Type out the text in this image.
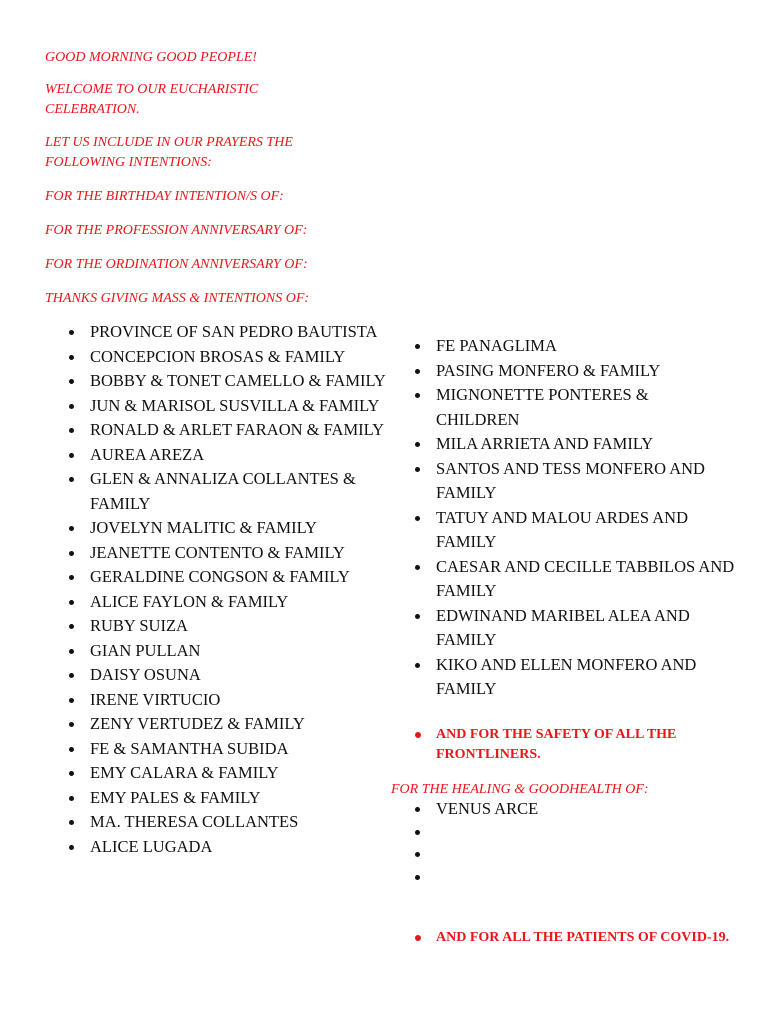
GOOD MORNING GOOD PEOPLE!

WELCOME TO OUR EUCHARISTIC CELEBRATION.

LET US INCLUDE IN OUR PRAYERS THE FOLLOWING INTENTIONS:

FOR THE BIRTHDAY INTENTION/S OF:

FOR THE PROFESSION ANNIVERSARY OF:

FOR THE ORDINATION ANNIVERSARY OF:

THANKS GIVING MASS & INTENTIONS OF:

PROVINCE OF SAN PEDRO BAUTISTA
CONCEPCION BROSAS & FAMILY
BOBBY & TONET CAMELLO & FAMILY
JUN & MARISOL SUSVILLA & FAMILY
RONALD & ARLET FARAON & FAMILY
AUREA AREZA
GLEN & ANNALIZA COLLANTES & FAMILY
JOVELYN MALITIC & FAMILY
JEANETTE CONTENTO & FAMILY
GERALDINE CONGSON & FAMILY
ALICE FAYLON & FAMILY
RUBY SUIZA
GIAN PULLAN
DAISY OSUNA
IRENE VIRTUCIO
ZENY VERTUDEZ & FAMILY
FE & SAMANTHA SUBIDA
EMY CALARA & FAMILY
EMY PALES & FAMILY
MA. THERESA COLLANTES
ALICE LUGADA
FE PANAGLIMA
PASING MONFERO & FAMILY
MIGNONETTE PONTERES & CHILDREN
MILA ARRIETA AND FAMILY
SANTOS AND TESS MONFERO AND FAMILY
TATUY AND MALOU ARDES AND FAMILY
CAESAR AND CECILLE TABBILOS AND FAMILY
EDWINAND MARIBEL ALEA AND FAMILY
KIKO AND ELLEN MONFERO AND FAMILY
AND FOR THE SAFETY OF ALL THE FRONTLINERS.

FOR THE HEALING & GOODHEALTH OF:

VENUS ARCE
AND FOR ALL THE PATIENTS OF COVID-19.
